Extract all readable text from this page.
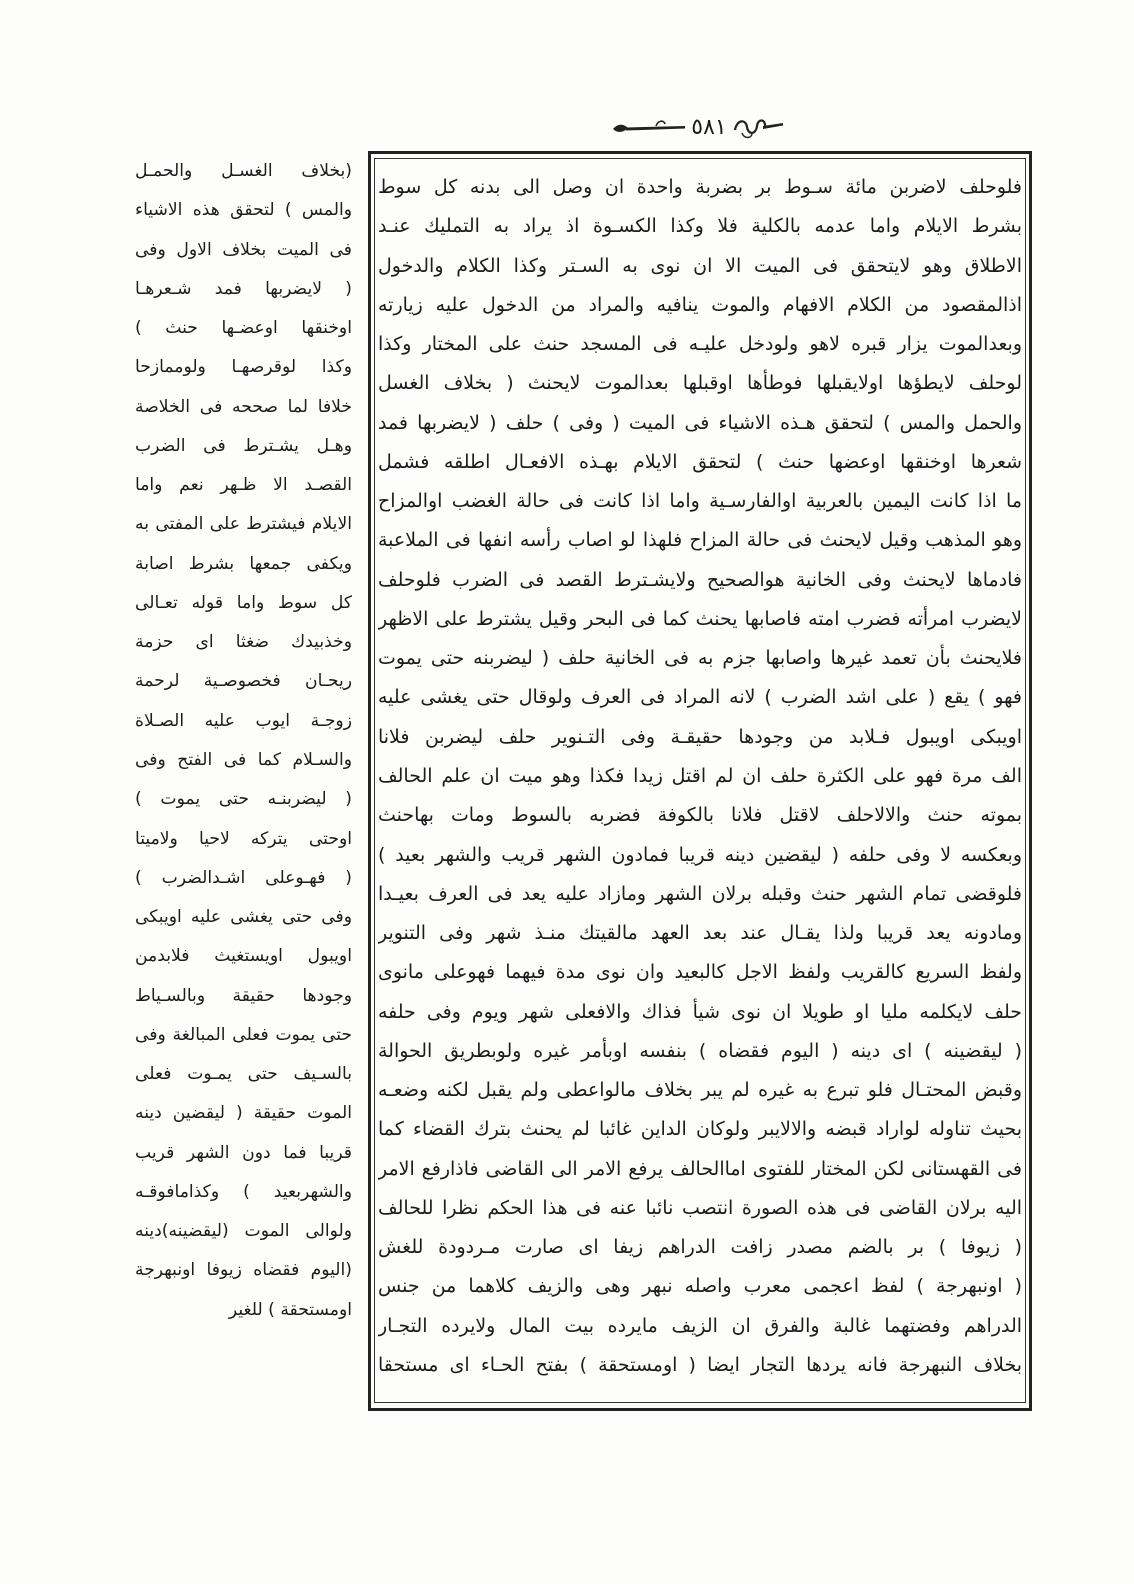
٥٨١
فلوحلف لاضربن مائة سـوط بر بضربة واحدة ان وصل الى بدنه كل سوط
بشرط الايلام واما عدمه بالكلية فلا وكذا الكسـوة اذ يراد به التمليك عنـد
الاطلاق وهو لايتحقق فى الميت الا ان نوى به السـتر وكذا الكلام والدخول
اذالمقصود من الكلام الافهام والموت ينافيه والمراد من الدخول عليه زيارته
وبعدالموت يزار قبره لاهو ولودخل عليـه فى المسجد حنث على المختار وكذا
لوحلف لايطؤها اولايقبلها فوطأها اوقبلها بعدالموت لايحنث ( بخلاف الغسل
والحمل والمس ) لتحقق هـذه الاشياء فى الميت ( وفى ) حلف ( لايضربها فمد
شعرها اوخنقها اوعضها حنث ) لتحقق الايلام بهـذه الافعـال اطلقه فشمل
ما اذا كانت اليمين بالعربية اوالفارسـية واما اذا كانت فى حالة الغضب اوالمزاح
وهو المذهب وقيل لايحنث فى حالة المزاح فلهذا لو اصاب رأسه انفها فى الملاعبة
فادماها لايحنث وفى الخانية هوالصحيح ولايشـترط القصد فى الضرب فلوحلف
لايضرب امرأته فضرب امته فاصابها يحنث كما فى البحر وقيل يشترط على الاظهر
فلايحنث بأن تعمد غيرها واصابها جزم به فى الخانية حلف ( ليضربنه حتى يموت
فهو ) يقع ( على اشد الضرب ) لانه المراد فى العرف ولوقال حتى يغشى عليه
اويبكى اويبول فـلابد من وجودها حقيقـة وفى التـنوير حلف ليضربن فلانا
الف مرة فهو على الكثرة حلف ان لم اقتل زيدا فكذا وهو ميت ان علم الحالف
بموته حنث والالاحلف لاقتل فلانا بالكوفة فضربه بالسوط ومات بهاحنث
وبعكسه لا وفى حلفه ( ليقضين دينه قريبا فمادون الشهر قريب والشهر بعيد )
فلوقضى تمام الشهر حنث وقبله برلان الشهر ومازاد عليه يعد فى العرف بعيـدا
ومادونه يعد قريبا ولذا يقـال عند بعد العهد مالقيتك منـذ شهر وفى التنوير
ولفظ السريع كالقريب ولفظ الاجل كالبعيد وان نوى مدة فيهما فهوعلى مانوى
حلف لايكلمه مليا او طويلا ان نوى شيأ فذاك والافعلى شهر ويوم وفى حلفه
( ليقضينه ) اى دينه ( اليوم فقضاه ) بنفسه اوبأمر غيره ولوبطريق الحوالة
وقبض المحتـال فلو تبرع به غيره لم يبر بخلاف مالواعطى ولم يقبل لكنه وضعـه
بحيث تناوله لواراد قبضه والالايبر ولوكان الداين غائبا لم يحنث بترك القضاء كما
فى القهستانى لكن المختار للفتوى اماالحالف يرفع الامر الى القاضى فاذارفع الامر
اليه برلان القاضى فى هذه الصورة انتصب نائبا عنه فى هذا الحكم نظرا للحالف
( زيوفا ) بر بالضم مصدر زافت الدراهم زيفا اى صارت مـردودة للغش
( اونبهرجة ) لفظ اعجمى معرب واصله نبهر وهى والزيف كلاهما من جنس
الدراهم وفضتهما غالبة والفرق ان الزيف مايرده بيت المال ولايرده التجـار
بخلاف النبهرجة فانه يردها التجار ايضا ( اومستحقة ) بفتح الحـاء اى مستحقا
(بخلاف الغسـل والحمـل
والمس ) لتحقق هذه الاشياء
فى الميت بخلاف الاول وفى
( لايضربها فمد شـعرهـا
اوخنقها اوعضـها حنث )
وكذا لوقرصهـا ولوممازحا
خلافا لما صححه فى الخلاصة
وهـل يشـترط فى الضرب
القصـد الا ظـهر نعم واما
الايلام فيشترط على المفتى به
ويكفى جمعها بشرط اصابة
كل سوط واما قوله تعـالى
وخذبيدك ضغثا اى حزمة
ريحـان فخصوصـية لرحمة
زوجـة ايوب عليه الصـلاة
والسـلام كما فى الفتح وفى
( ليضربنـه حتى يموت )
اوحتى يتركه لاحيا ولاميتا
( فهـوعلى اشـدالضرب )
وفى حتى يغشى عليه اويبكى
اويبول اويستغيث فلابدمن
وجودها حقيقة وبالسـياط
حتى يموت فعلى المبالغة وفى
بالسـيف حتى يمـوت فعلى
الموت حقيقة ( ليقضين دينه
قريبا فما دون الشهر قريب
والشهربعيد ) وكذامافوقـه
ولوالى الموت (ليقضينه)دينه
(اليوم فقضاه زيوفا اونبهرجة
اومستحقة ) للغير
